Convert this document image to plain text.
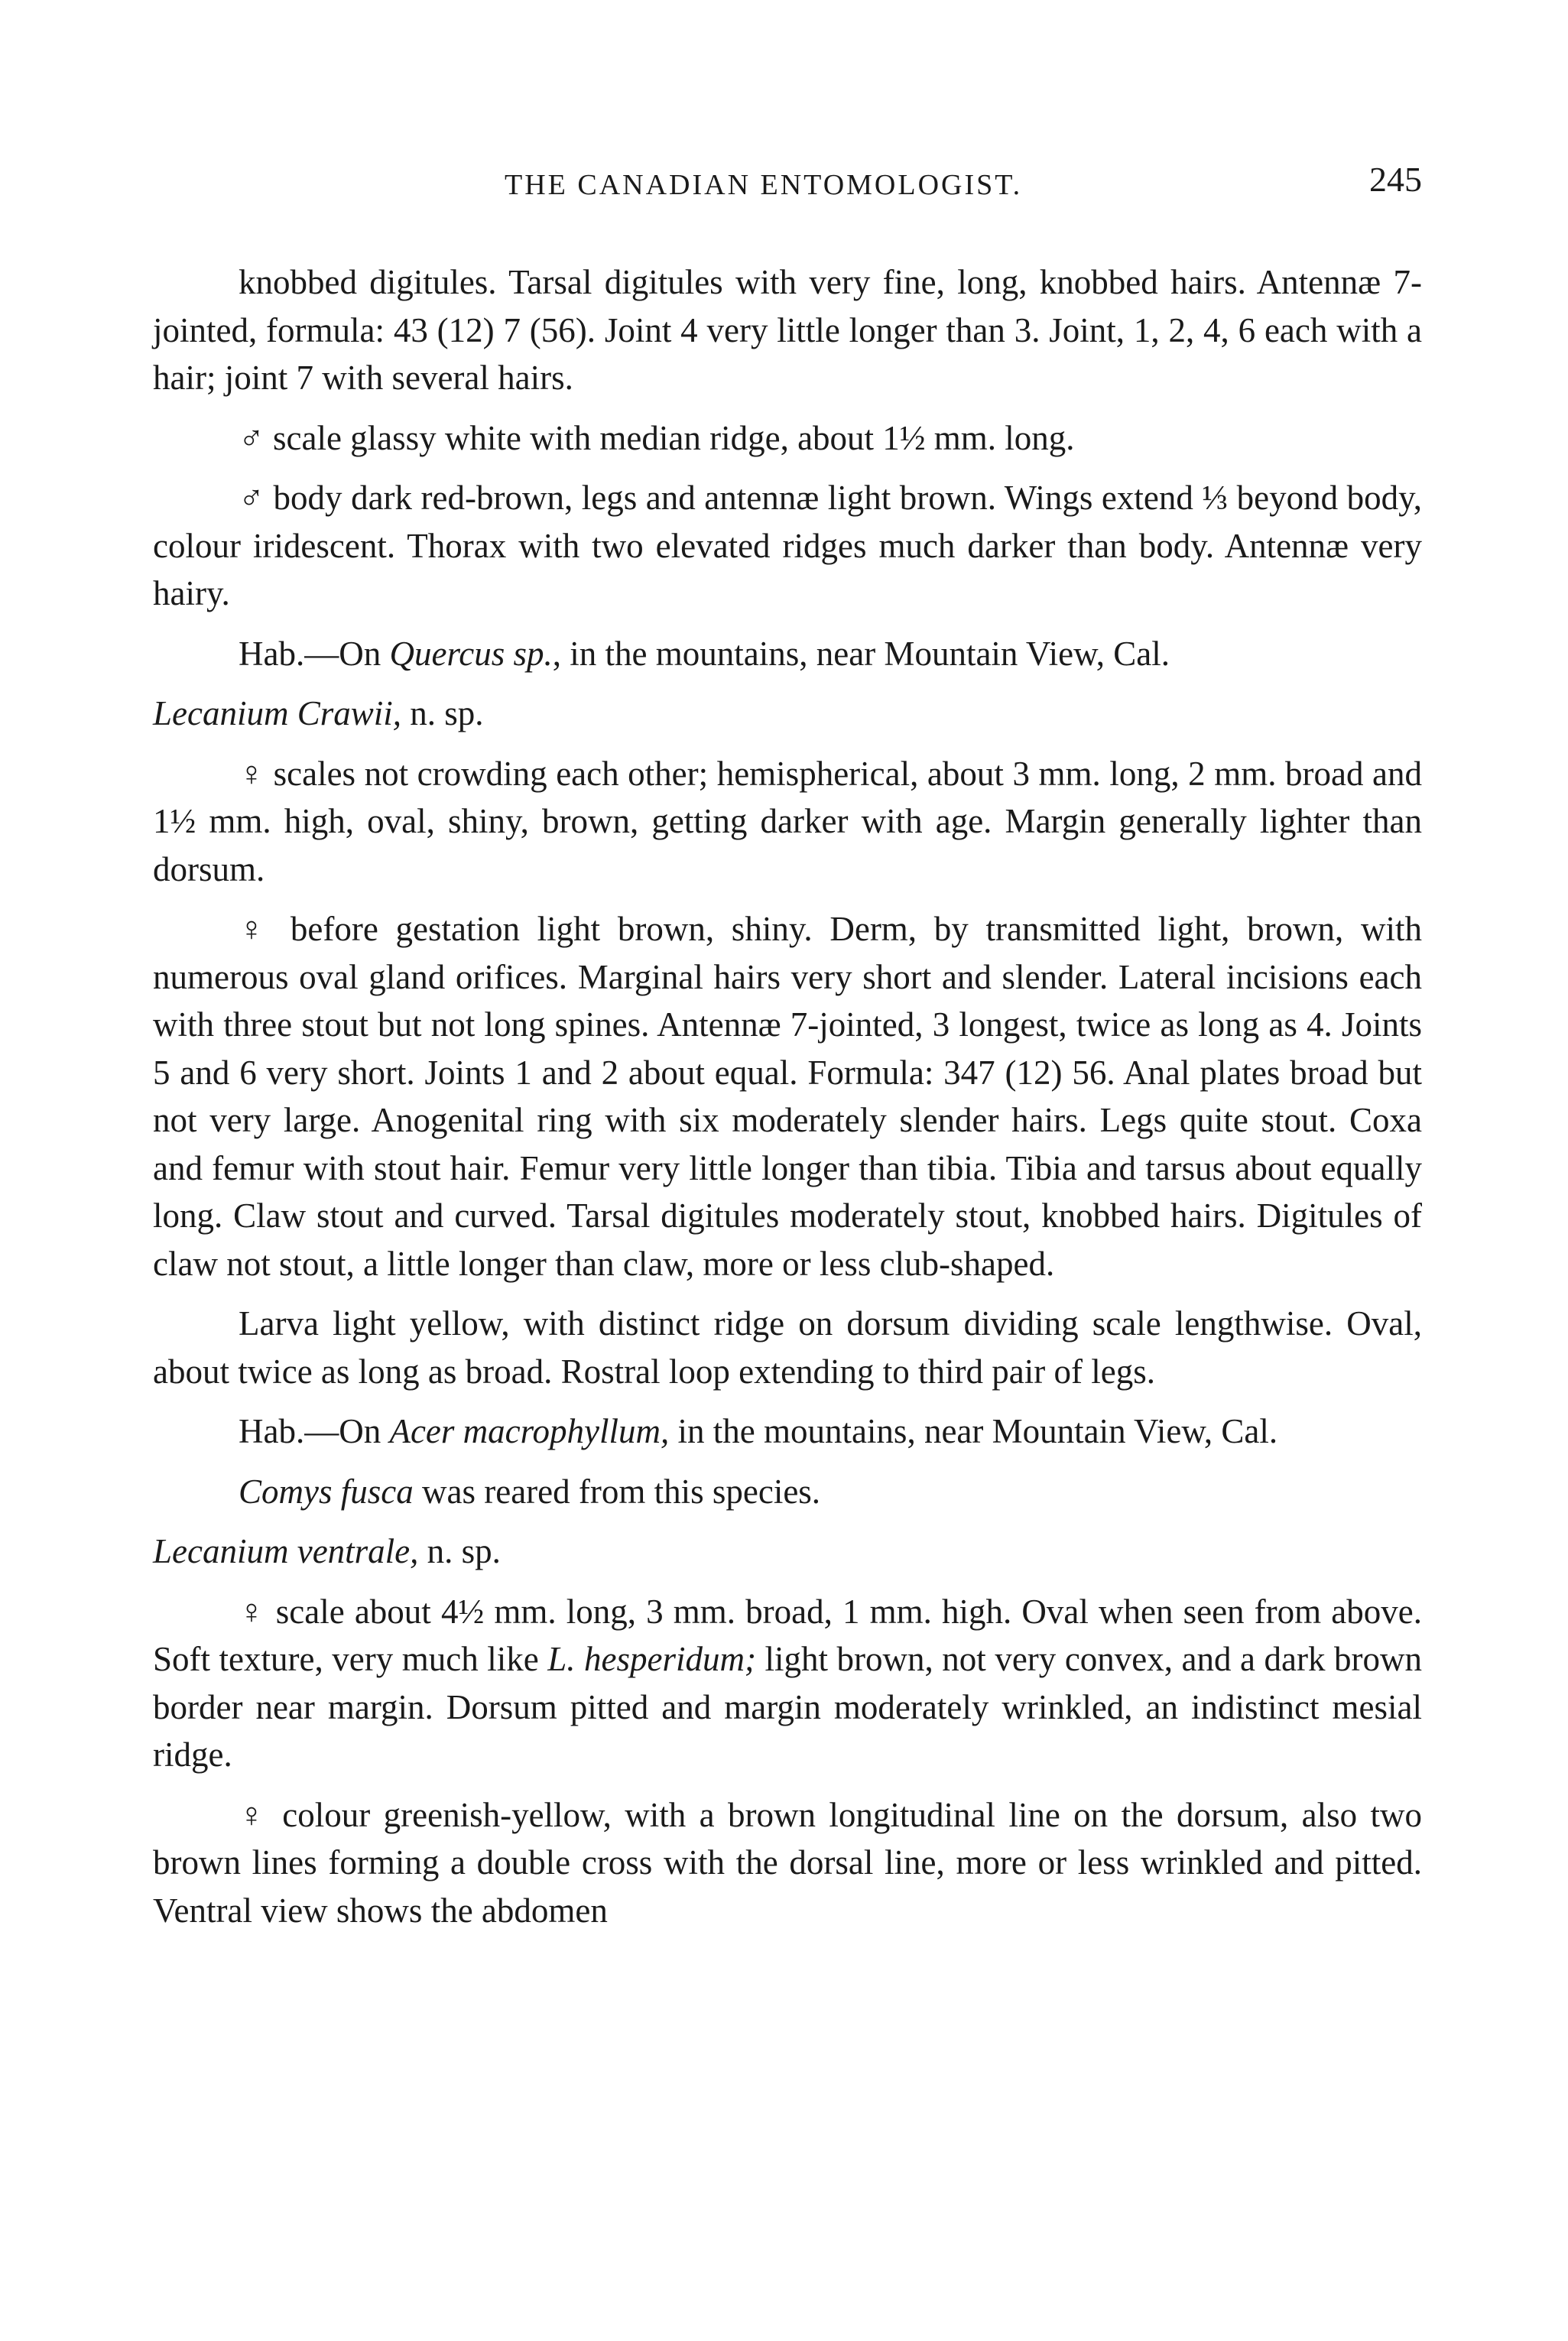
THE CANADIAN ENTOMOLOGIST.	245

knobbed digitules. Tarsal digitules with very fine, long, knobbed hairs. Antennæ 7-jointed, formula: 43 (12) 7 (56). Joint 4 very little longer than 3. Joint, 1, 2, 4, 6 each with a hair; joint 7 with several hairs.

♂ scale glassy white with median ridge, about 1½ mm. long.

♂ body dark red-brown, legs and antennæ light brown. Wings extend ⅓ beyond body, colour iridescent. Thorax with two elevated ridges much darker than body. Antennæ very hairy.

Hab.—On Quercus sp., in the mountains, near Mountain View, Cal.

Lecanium Crawii, n. sp.

♀ scales not crowding each other; hemispherical, about 3 mm. long, 2 mm. broad and 1½ mm. high, oval, shiny, brown, getting darker with age. Margin generally lighter than dorsum.

♀ before gestation light brown, shiny. Derm, by transmitted light, brown, with numerous oval gland orifices. Marginal hairs very short and slender. Lateral incisions each with three stout but not long spines. Antennæ 7-jointed, 3 longest, twice as long as 4. Joints 5 and 6 very short. Joints 1 and 2 about equal. Formula: 347 (12) 56. Anal plates broad but not very large. Anogenital ring with six moderately slender hairs. Legs quite stout. Coxa and femur with stout hair. Femur very little longer than tibia. Tibia and tarsus about equally long. Claw stout and curved. Tarsal digitules moderately stout, knobbed hairs. Digitules of claw not stout, a little longer than claw, more or less club-shaped.

Larva light yellow, with distinct ridge on dorsum dividing scale lengthwise. Oval, about twice as long as broad. Rostral loop extending to third pair of legs.

Hab.—On Acer macrophyllum, in the mountains, near Mountain View, Cal.

Comys fusca was reared from this species.

Lecanium ventrale, n. sp.

♀ scale about 4½ mm. long, 3 mm. broad, 1 mm. high. Oval when seen from above. Soft texture, very much like L. hesperidum; light brown, not very convex, and a dark brown border near margin. Dorsum pitted and margin moderately wrinkled, an indistinct mesial ridge.

♀ colour greenish-yellow, with a brown longitudinal line on the dorsum, also two brown lines forming a double cross with the dorsal line, more or less wrinkled and pitted. Ventral view shows the abdomen
